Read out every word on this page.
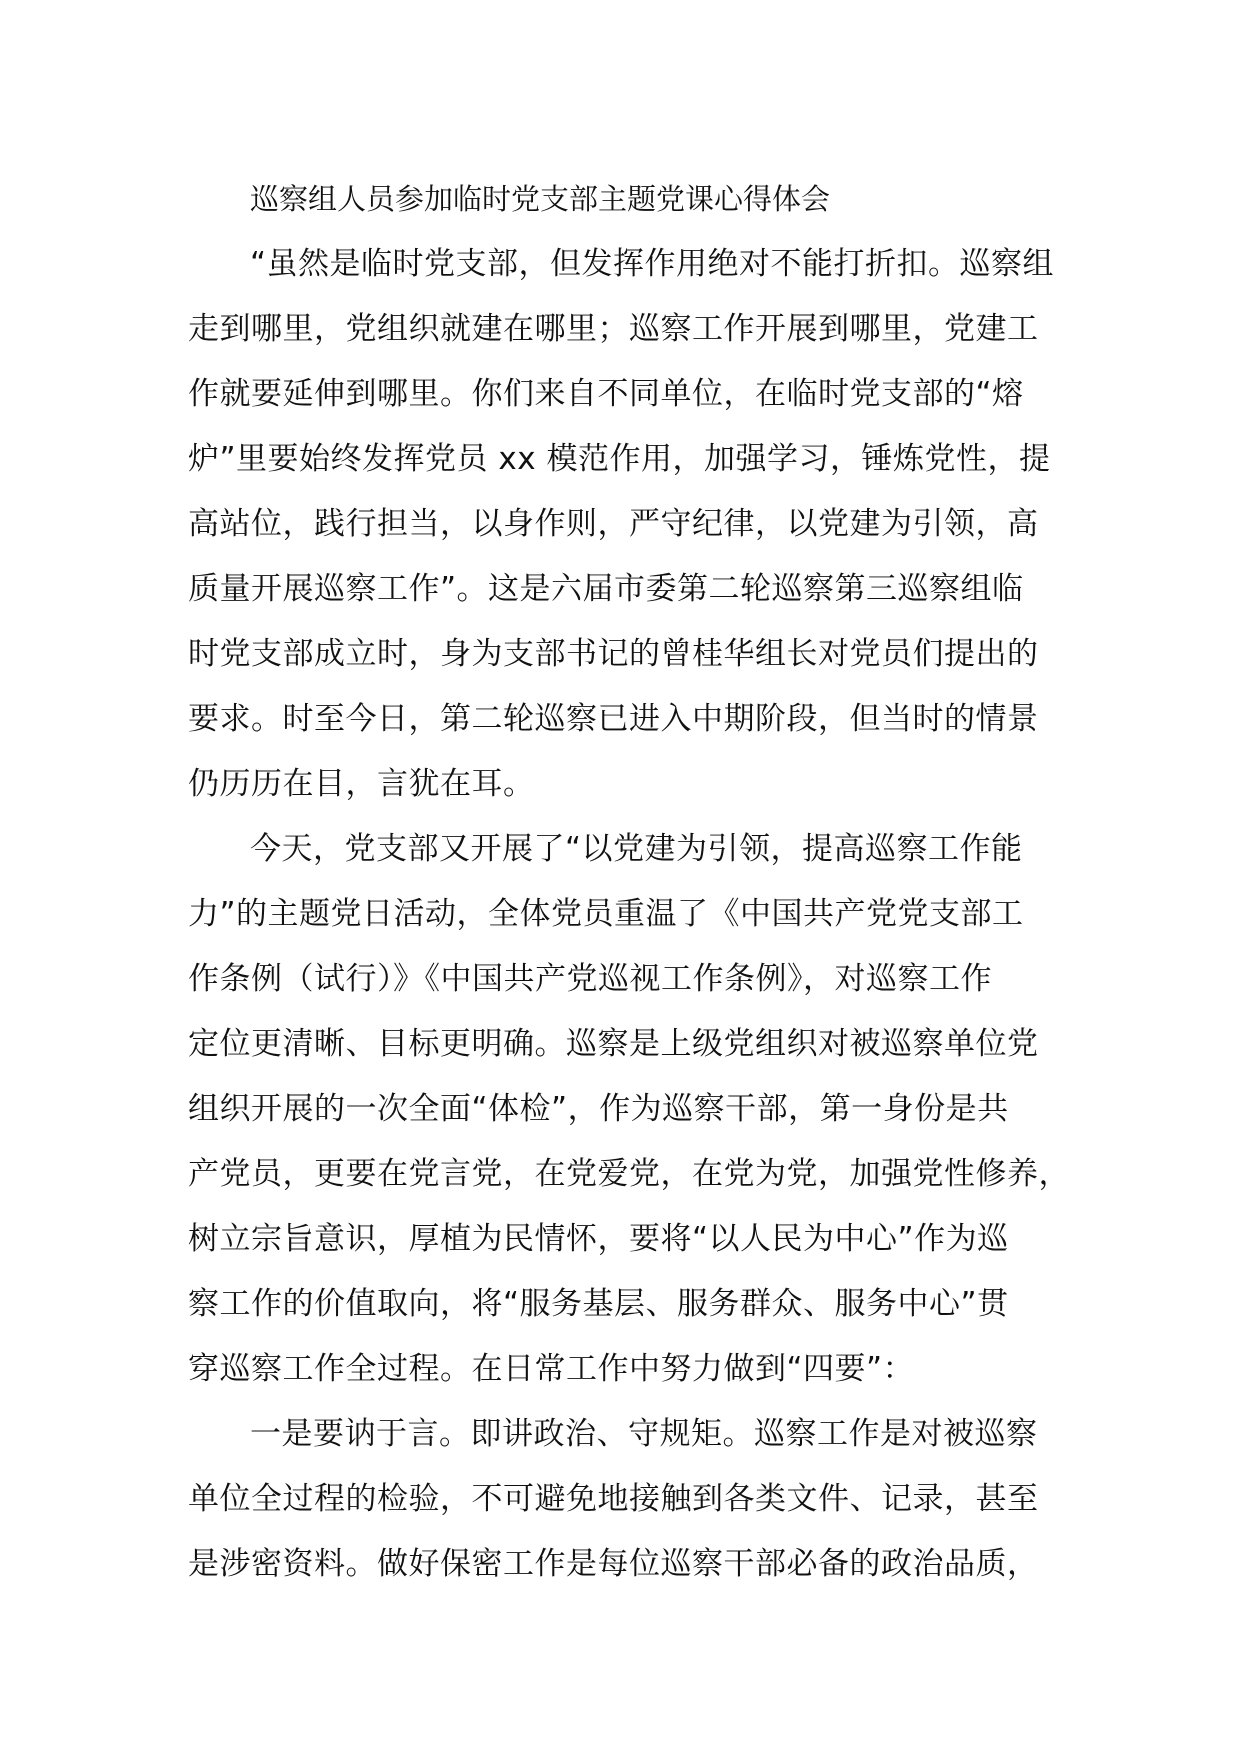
巡察组人员参加临时党支部主题党课心得体会

“虽然是临时党支部，但发挥作用绝对不能打折扣。巡察组
走到哪里，党组织就建在哪里；巡察工作开展到哪里，党建工
作就要延伸到哪里。你们来自不同单位，在临时党支部的“熔
炉”里要始终发挥党员 xx 模范作用，加强学习，锤炼党性，提
高站位，践行担当，以身作则，严守纪律，以党建为引领，高
质量开展巡察工作”。这是六届市委第二轮巡察第三巡察组临
时党支部成立时，身为支部书记的曾桂华组长对党员们提出的
要求。时至今日，第二轮巡察已进入中期阶段，但当时的情景
仍历历在目，言犹在耳。

今天，党支部又开展了“以党建为引领，提高巡察工作能
力”的主题党日活动，全体党员重温了《中国共产党党支部工
作条例（试行）》《中国共产党巡视工作条例》，对巡察工作
定位更清晰、目标更明确。巡察是上级党组织对被巡察单位党
组织开展的一次全面“体检”，作为巡察干部，第一身份是共
产党员，更要在党言党，在党爱党，在党为党，加强党性修养，
树立宗旨意识，厚植为民情怀，要将“以人民为中心”作为巡
察工作的价值取向，将“服务基层、服务群众、服务中心”贯
穿巡察工作全过程。在日常工作中努力做到“四要”：

一是要讷于言。即讲政治、守规矩。巡察工作是对被巡察
单位全过程的检验，不可避免地接触到各类文件、记录，甚至
是涉密资料。做好保密工作是每位巡察干部必备的政治品质，
